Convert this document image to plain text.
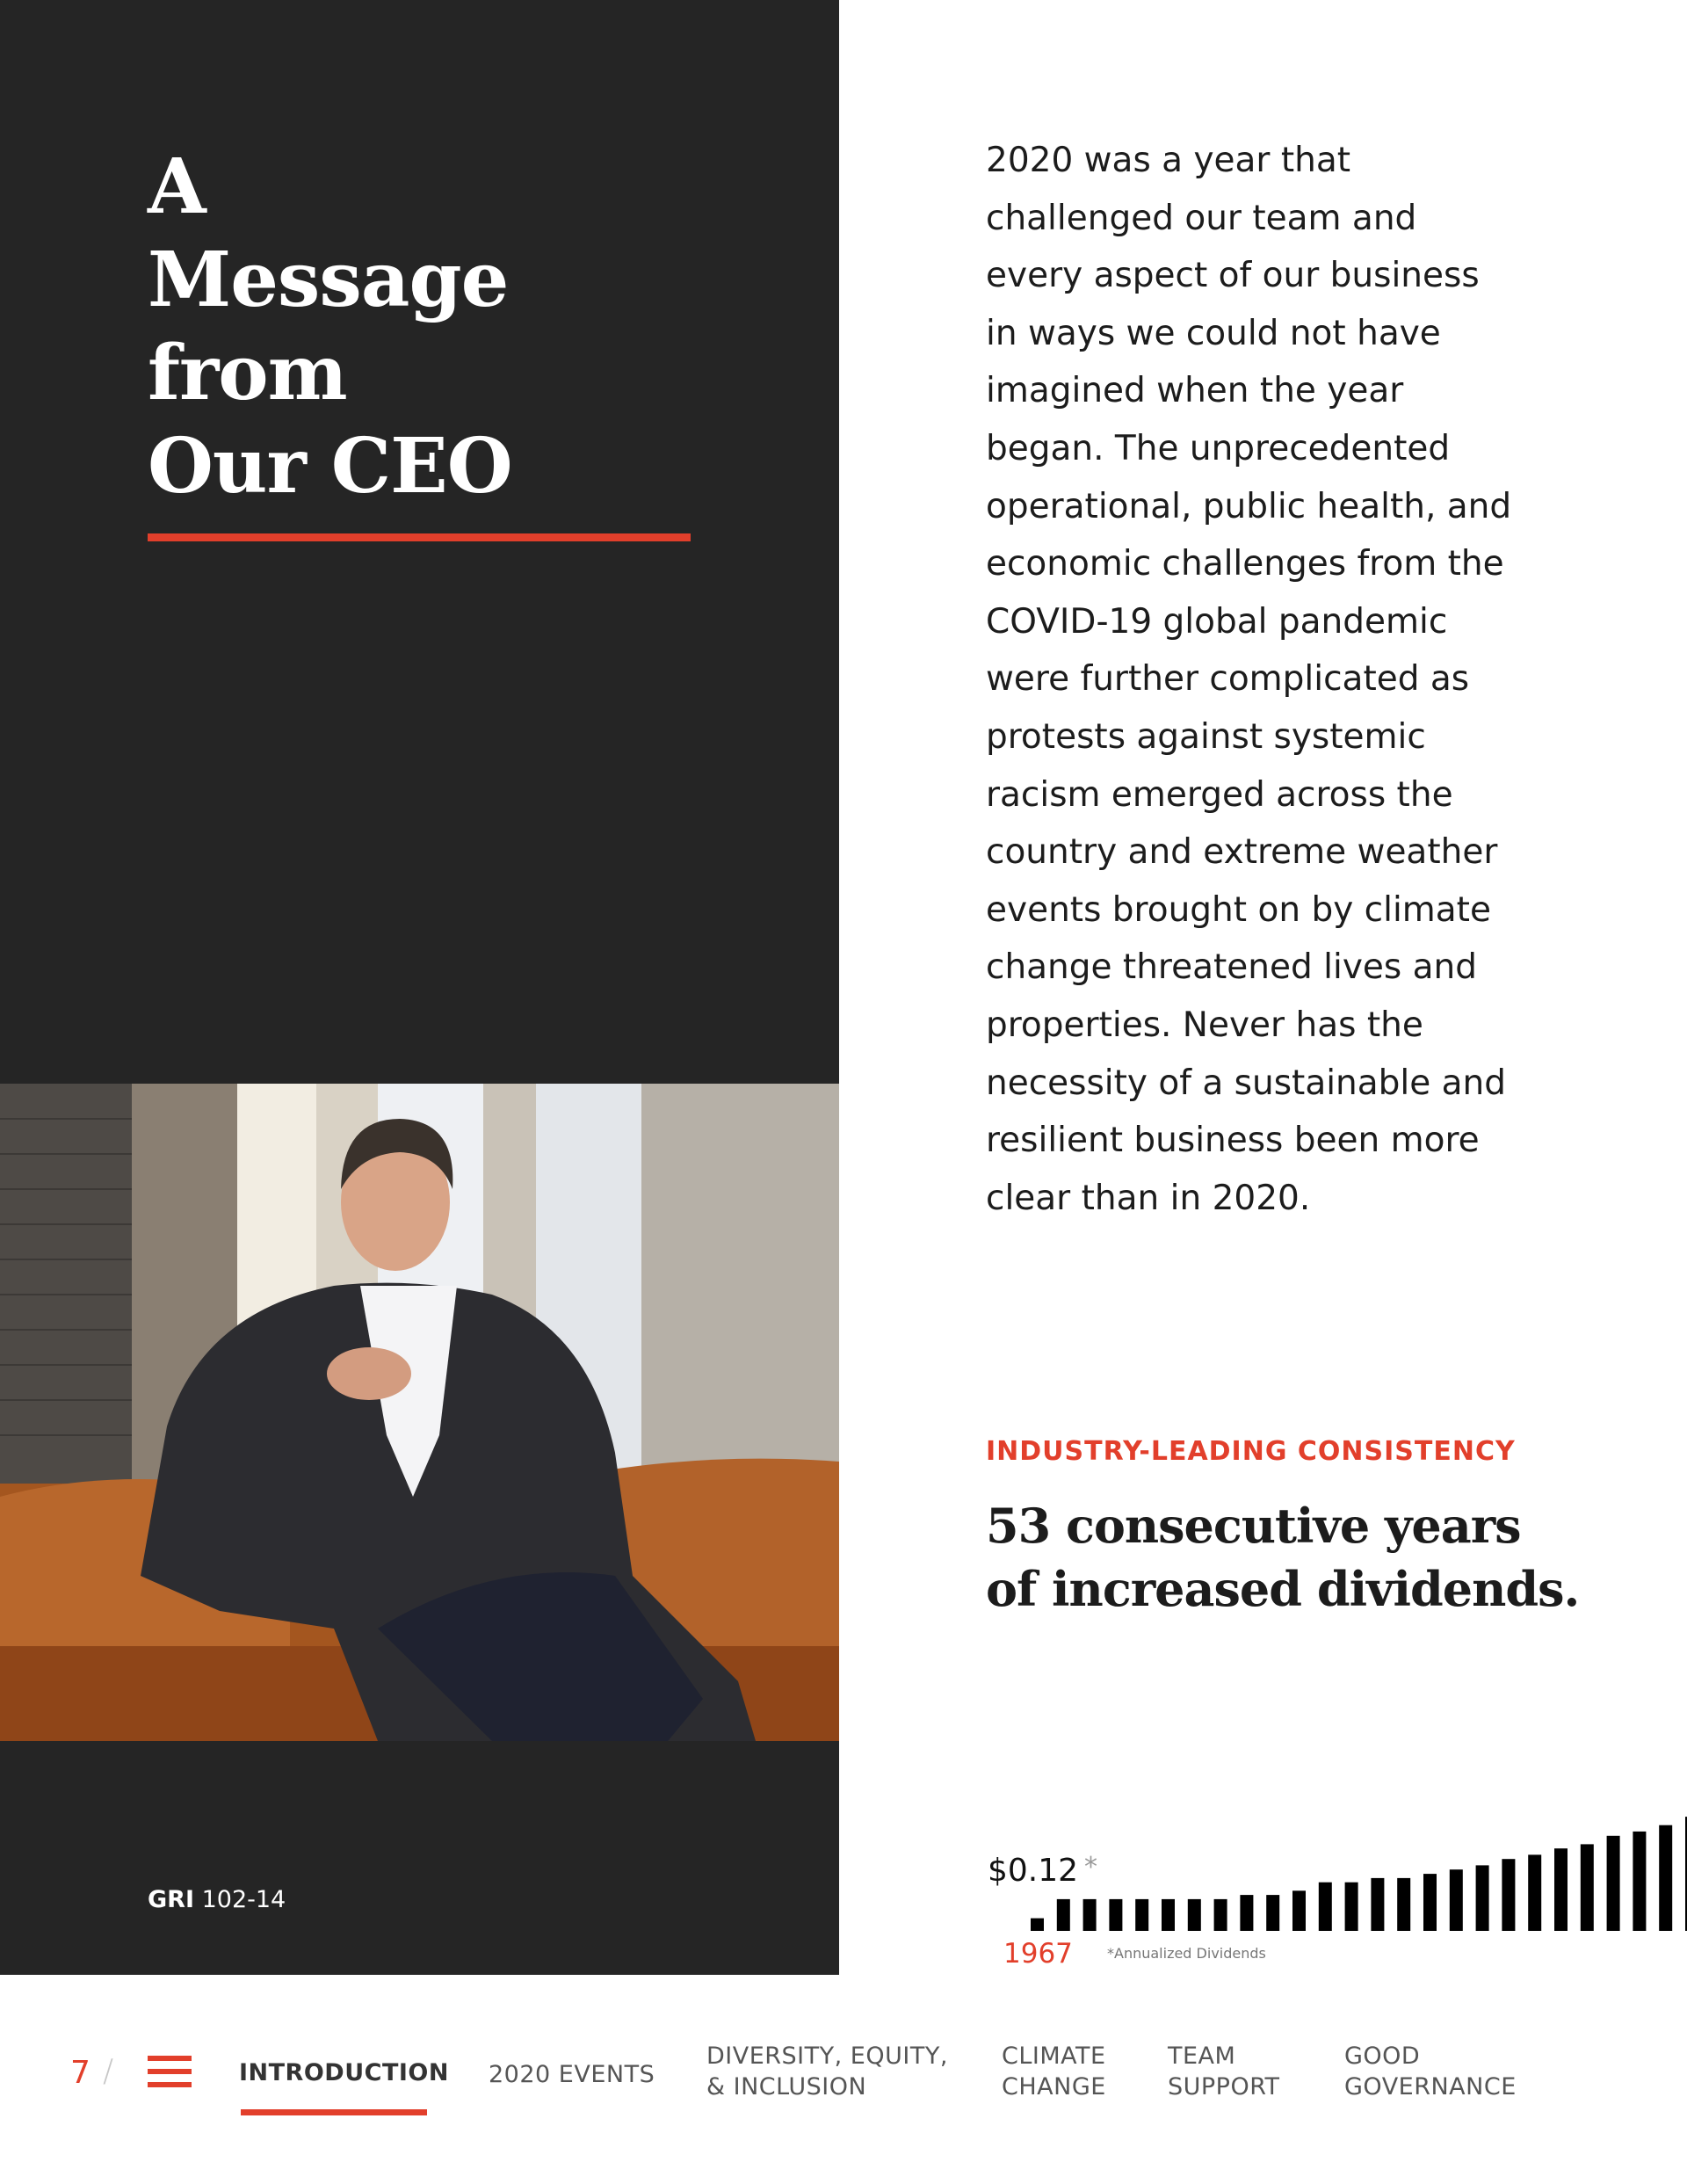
A
Message
from
Our CEO
GRI 102-14

2020 was a year that
challenged our team and
every aspect of our business
in ways we could not have
imagined when the year
began. The unprecedented
operational, public health, and
economic challenges from the
COVID-19 global pandemic
were further complicated as
protests against systemic
racism emerged across the
country and extreme weather
events brought on by climate
change threatened lives and
properties. Never has the
necessity of a sustainable and
resilient business been more
clear than in 2020.

INDUSTRY-LEADING CONSISTENCY

53 consecutive years
of increased dividends.
$0.12 *
1967 *Annualized Dividends
7 /	INTRODUCTION 2020 EVENTS
DIVERSITY, EQUITY,
& INCLUSION
CLIMATE
CHANGE
TEAM
SUPPORT
GOOD
GOVERNANCE
